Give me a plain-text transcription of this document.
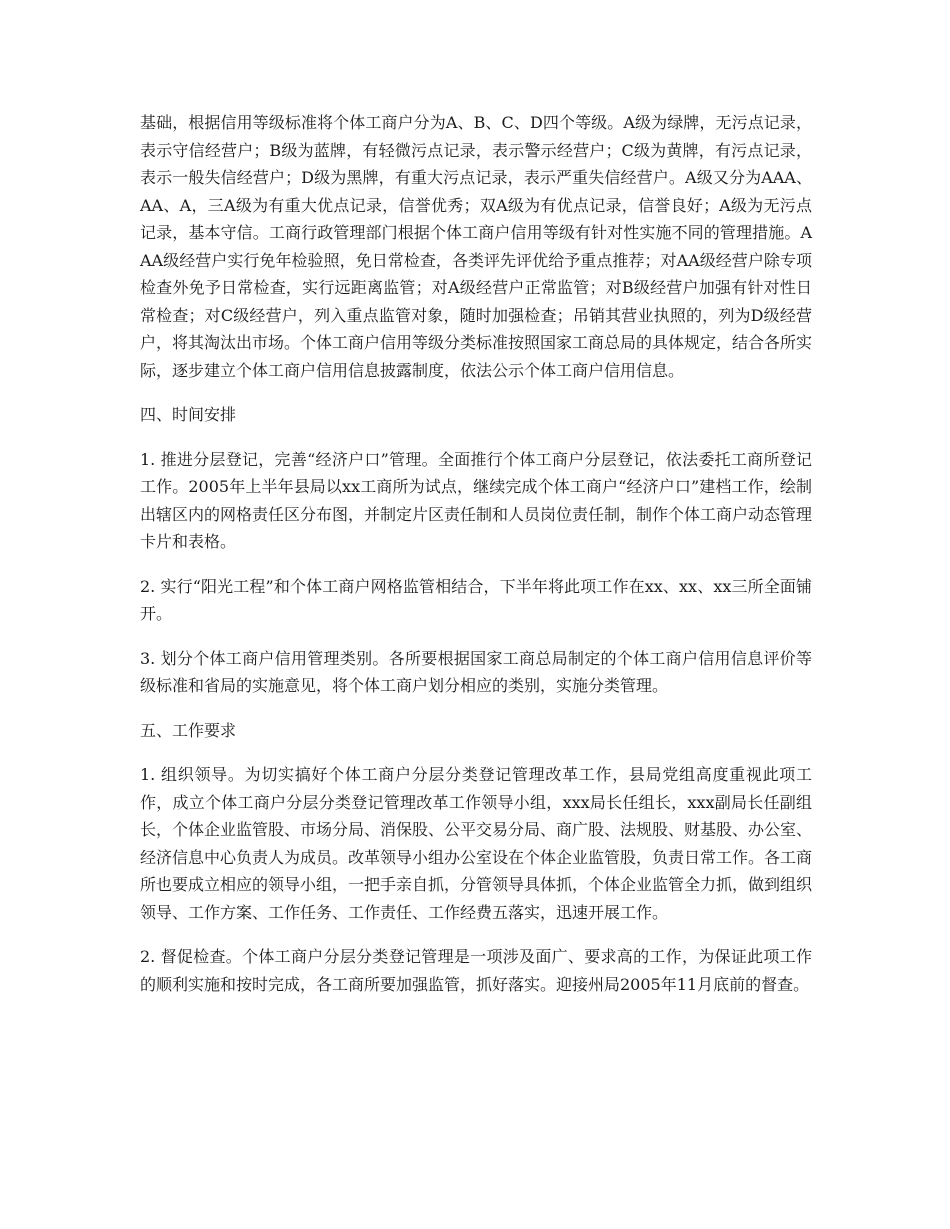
基础，根据信用等级标准将个体工商户分为A、B、C、D四个等级。A级为绿牌，无污点记录，表示守信经营户；B级为蓝牌，有轻微污点记录，表示警示经营户；C级为黄牌，有污点记录，表示一般失信经营户；D级为黑牌，有重大污点记录，表示严重失信经营户。A级又分为AAA、AA、A，三A级为有重大优点记录，信誉优秀；双A级为有优点记录，信誉良好；A级为无污点记录，基本守信。工商行政管理部门根据个体工商户信用等级有针对性实施不同的管理措施。AAA级经营户实行免年检验照，免日常检查，各类评先评优给予重点推荐；对AA级经营户除专项检查外免予日常检查，实行远距离监管；对A级经营户正常监管；对B级经营户加强有针对性日常检查；对C级经营户，列入重点监管对象，随时加强检查；吊销其营业执照的，列为D级经营户，将其淘汰出市场。个体工商户信用等级分类标准按照国家工商总局的具体规定，结合各所实际，逐步建立个体工商户信用信息披露制度，依法公示个体工商户信用信息。

四、时间安排

1. 推进分层登记，完善“经济户口”管理。全面推行个体工商户分层登记，依法委托工商所登记工作。2005年上半年县局以xx工商所为试点，继续完成个体工商户“经济户口”建档工作，绘制出辖区内的网格责任区分布图，并制定片区责任制和人员岗位责任制，制作个体工商户动态管理卡片和表格。

2. 实行“阳光工程”和个体工商户网格监管相结合，下半年将此项工作在xx、xx、xx三所全面铺开。

3. 划分个体工商户信用管理类别。各所要根据国家工商总局制定的个体工商户信用信息评价等级标准和省局的实施意见，将个体工商户划分相应的类别，实施分类管理。

五、工作要求

1. 组织领导。为切实搞好个体工商户分层分类登记管理改革工作，县局党组高度重视此项工作，成立个体工商户分层分类登记管理改革工作领导小组，xxx局长任组长，xxx副局长任副组长，个体企业监管股、市场分局、消保股、公平交易分局、商广股、法规股、财基股、办公室、经济信息中心负责人为成员。改革领导小组办公室设在个体企业监管股，负责日常工作。各工商所也要成立相应的领导小组，一把手亲自抓，分管领导具体抓，个体企业监管全力抓，做到组织领导、工作方案、工作任务、工作责任、工作经费五落实，迅速开展工作。

2. 督促检查。个体工商户分层分类登记管理是一项涉及面广、要求高的工作，为保证此项工作的顺利实施和按时完成，各工商所要加强监管，抓好落实。迎接州局2005年11月底前的督查。
